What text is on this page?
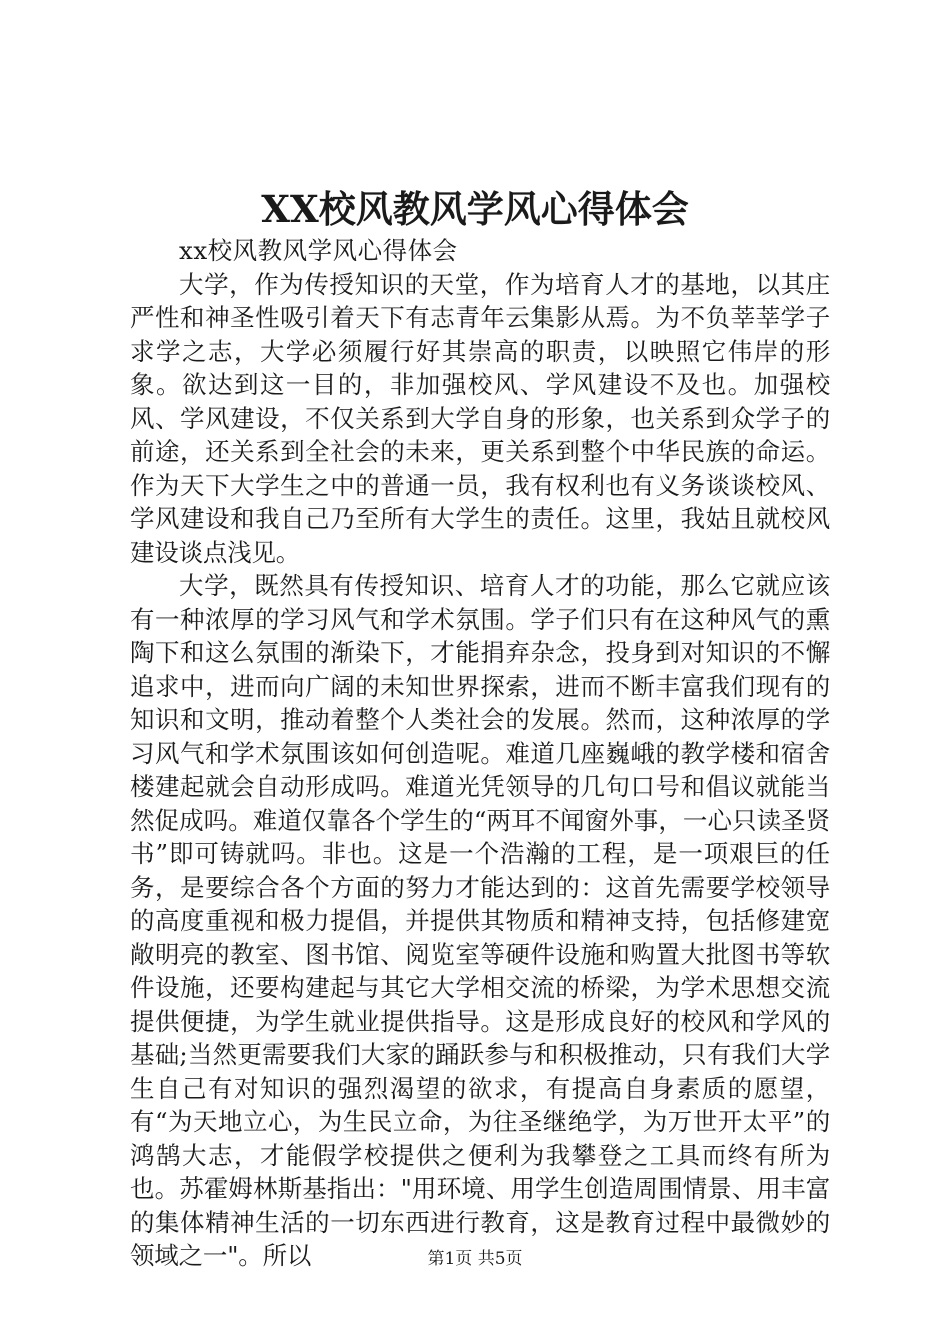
XX校风教风学风心得体会

xx校风教风学风心得体会

大学，作为传授知识的天堂，作为培育人才的基地，以其庄严性和神圣性吸引着天下有志青年云集影从焉。为不负莘莘学子求学之志，大学必须履行好其崇高的职责，以映照它伟岸的形象。欲达到这一目的，非加强校风、学风建设不及也。加强校风、学风建设，不仅关系到大学自身的形象，也关系到众学子的前途，还关系到全社会的未来，更关系到整个中华民族的命运。作为天下大学生之中的普通一员，我有权利也有义务谈谈校风、学风建设和我自己乃至所有大学生的责任。这里，我姑且就校风建设谈点浅见。

大学，既然具有传授知识、培育人才的功能，那么它就应该有一种浓厚的学习风气和学术氛围。学子们只有在这种风气的熏陶下和这么氛围的渐染下，才能捐弃杂念，投身到对知识的不懈追求中，进而向广阔的未知世界探索，进而不断丰富我们现有的知识和文明，推动着整个人类社会的发展。然而，这种浓厚的学习风气和学术氛围该如何创造呢。难道几座巍峨的教学楼和宿舍楼建起就会自动形成吗。难道光凭领导的几句口号和倡议就能当然促成吗。难道仅靠各个学生的“两耳不闻窗外事，一心只读圣贤书”即可铸就吗。非也。这是一个浩瀚的工程，是一项艰巨的任务，是要综合各个方面的努力才能达到的：这首先需要学校领导的高度重视和极力提倡，并提供其物质和精神支持，包括修建宽敞明亮的教室、图书馆、阅览室等硬件设施和购置大批图书等软件设施，还要构建起与其它大学相交流的桥梁，为学术思想交流提供便捷，为学生就业提供指导。这是形成良好的校风和学风的基础;当然更需要我们大家的踊跃参与和积极推动，只有我们大学生自己有对知识的强烈渴望的欲求，有提高自身素质的愿望，有“为天地立心，为生民立命，为往圣继绝学，为万世开太平”的鸿鹄大志，才能假学校提供之便利为我攀登之工具而终有所为也。苏霍姆林斯基指出："用环境、用学生创造周围情景、用丰富的集体精神生活的一切东西进行教育，这是教育过程中最微妙的领域之一"。所以	第1页 共5页
